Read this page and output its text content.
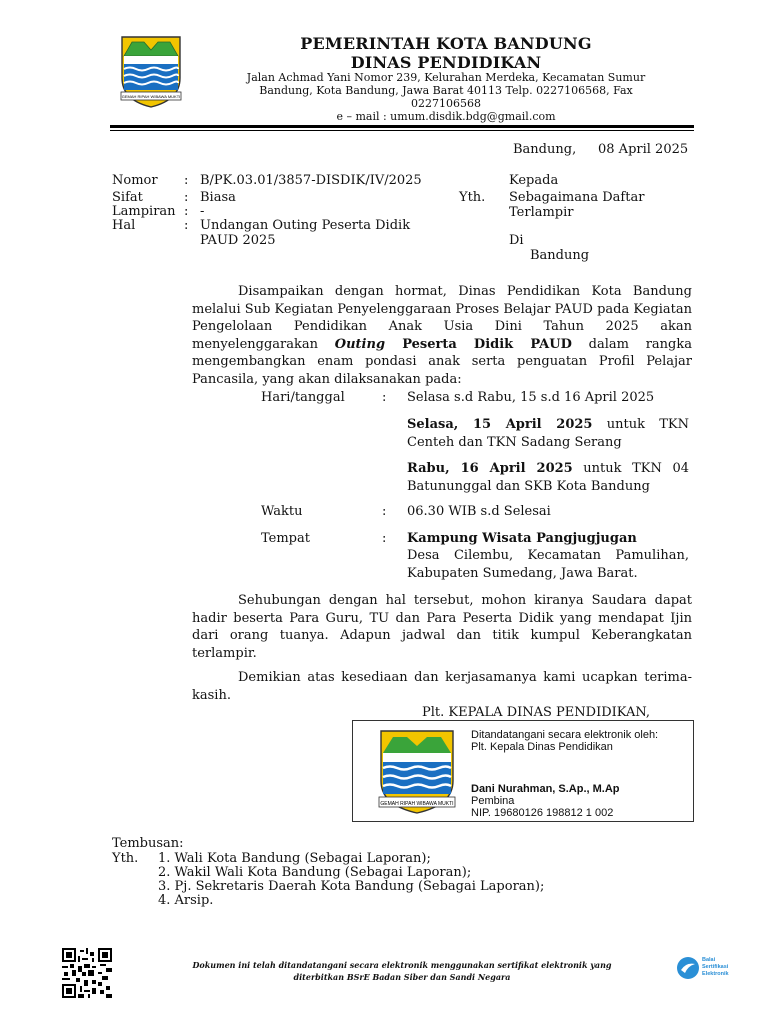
GEMAH RIPAH WIBAWA MUKTI
PEMERINTAH KOTA BANDUNG
DINAS PENDIDIKAN
Jalan Achmad Yani Nomor 239, Kelurahan Merdeka, Kecamatan Sumur
Bandung, Kota Bandung, Jawa Barat 40113 Telp. 0227106568, Fax
0227106568
e – mail : umum.disdik.bdg@gmail.com
Bandung, 08 April 2025
Nomor : B/PK.03.01/3857-DISDIK/IV/2025
Sifat	: Biasa
Lampiran : -
Hal	: Undangan Outing Peserta Didik
PAUD 2025
Kepada
Yth. Sebagaimana Daftar
Terlampir
Di
Bandung
Disampaikan dengan hormat, Dinas Pendidikan Kota Bandung melalui Sub Kegiatan Penyelenggaraan Proses Belajar PAUD pada Kegiatan Pengelolaan Pendidikan Anak Usia Dini Tahun 2025 akan menyelenggarakan Outing Peserta Didik PAUD dalam rangka mengembangkan enam pondasi anak serta penguatan Profil Pelajar Pancasila, yang akan dilaksanakan pada:
Hari/tanggal	: Selasa s.d Rabu, 15 s.d 16 April 2025
Selasa, 15 April 2025 untuk TKN Centeh dan TKN Sadang Serang
Rabu, 16 April 2025 untuk TKN 04 Batununggal dan SKB Kota Bandung
Waktu	: 06.30 WIB s.d Selesai
Tempat	: Kampung Wisata Pangjugjugan
Desa Cilembu, Kecamatan Pamulihan, Kabupaten Sumedang, Jawa Barat.
Sehubungan dengan hal tersebut, mohon kiranya Saudara dapat hadir beserta Para Guru, TU dan Para Peserta Didik yang mendapat Ijin dari orang tuanya. Adapun jadwal dan titik kumpul Keberangkatan terlampir.
Demikian atas kesediaan dan kerjasamanya kami ucapkan terima-kasih.
Plt. KEPALA DINAS PENDIDIKAN,
GEMAH RIPAH WIBAWA MUKTI
Ditandatangani secara elektronik oleh:
Plt. Kepala Dinas Pendidikan
Dani Nurahman, S.Ap., M.Ap
Pembina
NIP. 19680126 198812 1 002
Tembusan:
Yth. 1. Wali Kota Bandung (Sebagai Laporan);
2. Wakil Wali Kota Bandung (Sebagai Laporan);
3. Pj. Sekretaris Daerah Kota Bandung (Sebagai Laporan);
4. Arsip.
Dokumen ini telah ditandatangani secara elektronik menggunakan sertifikat elektronik yang
diterbitkan BSrE Badan Siber dan Sandi Negara
Balai
Sertifikasi
Elektronik
